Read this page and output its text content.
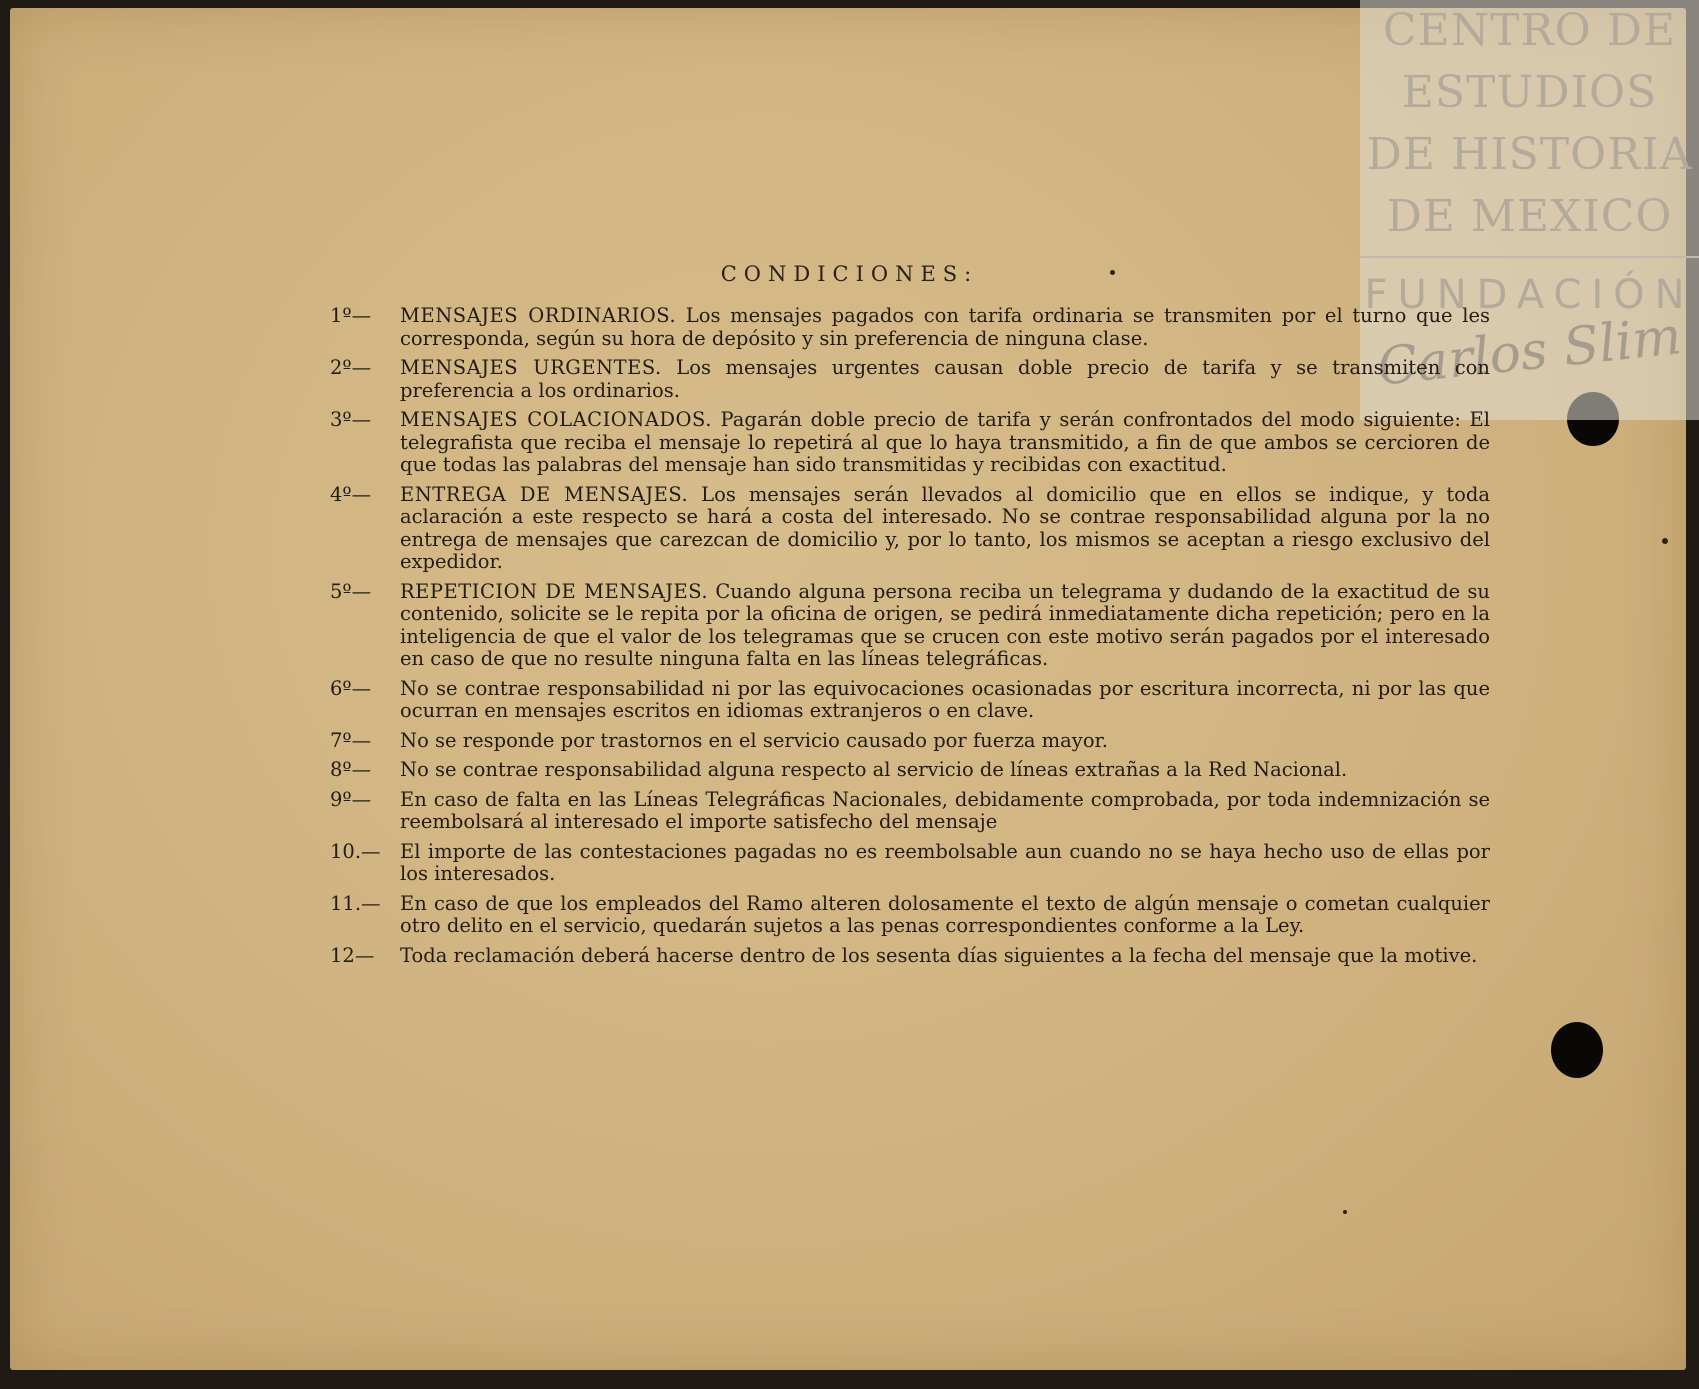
CENTRO DE
ESTUDIOS
DE HISTORIA
DE MEXICO
FUNDACIÓN
Carlos Slim
CONDICIONES:
1º—	MENSAJES ORDINARIOS. Los mensajes pagados con tarifa ordinaria se transmiten por el turno que les corresponda, según su hora de depósito y sin preferencia de ninguna clase.
2º—	MENSAJES URGENTES. Los mensajes urgentes causan doble precio de tarifa y se transmiten con preferencia a los ordinarios.
3º—	MENSAJES COLACIONADOS. Pagarán doble precio de tarifa y serán confrontados del modo siguiente: El telegrafista que reciba el mensaje lo repetirá al que lo haya transmitido, a fin de que ambos se cercioren de que todas las palabras del mensaje han sido transmitidas y recibidas con exactitud.
4º—	ENTREGA DE MENSAJES. Los mensajes serán llevados al domicilio que en ellos se indique, y toda aclaración a este respecto se hará a costa del interesado. No se contrae responsabilidad alguna por la no entrega de mensajes que carezcan de domicilio y, por lo tanto, los mismos se aceptan a riesgo exclusivo del expedidor.
5º—	REPETICION DE MENSAJES. Cuando alguna persona reciba un telegrama y dudando de la exactitud de su contenido, solicite se le repita por la oficina de origen, se pedirá inmediatamente dicha repetición; pero en la inteligencia de que el valor de los telegramas que se crucen con este motivo serán pagados por el interesado en caso de que no resulte ninguna falta en las líneas telegráficas.
6º—	No se contrae responsabilidad ni por las equivocaciones ocasionadas por escritura incorrecta, ni por las que ocurran en mensajes escritos en idiomas extranjeros o en clave.
7º—	No se responde por trastornos en el servicio causado por fuerza mayor.
8º—	No se contrae responsabilidad alguna respecto al servicio de líneas extrañas a la Red Nacional.
9º—	En caso de falta en las Líneas Telegráficas Nacionales, debidamente comprobada, por toda indemnización se reembolsará al interesado el importe satisfecho del mensaje
10.— El importe de las contestaciones pagadas no es reembolsable aun cuando no se haya hecho uso de ellas por los interesados.
11.— En caso de que los empleados del Ramo alteren dolosamente el texto de algún mensaje o cometan cualquier otro delito en el servicio, quedarán sujetos a las penas correspondientes conforme a la Ley.
12—	Toda reclamación deberá hacerse dentro de los sesenta días siguientes a la fecha del mensaje que la motive.
